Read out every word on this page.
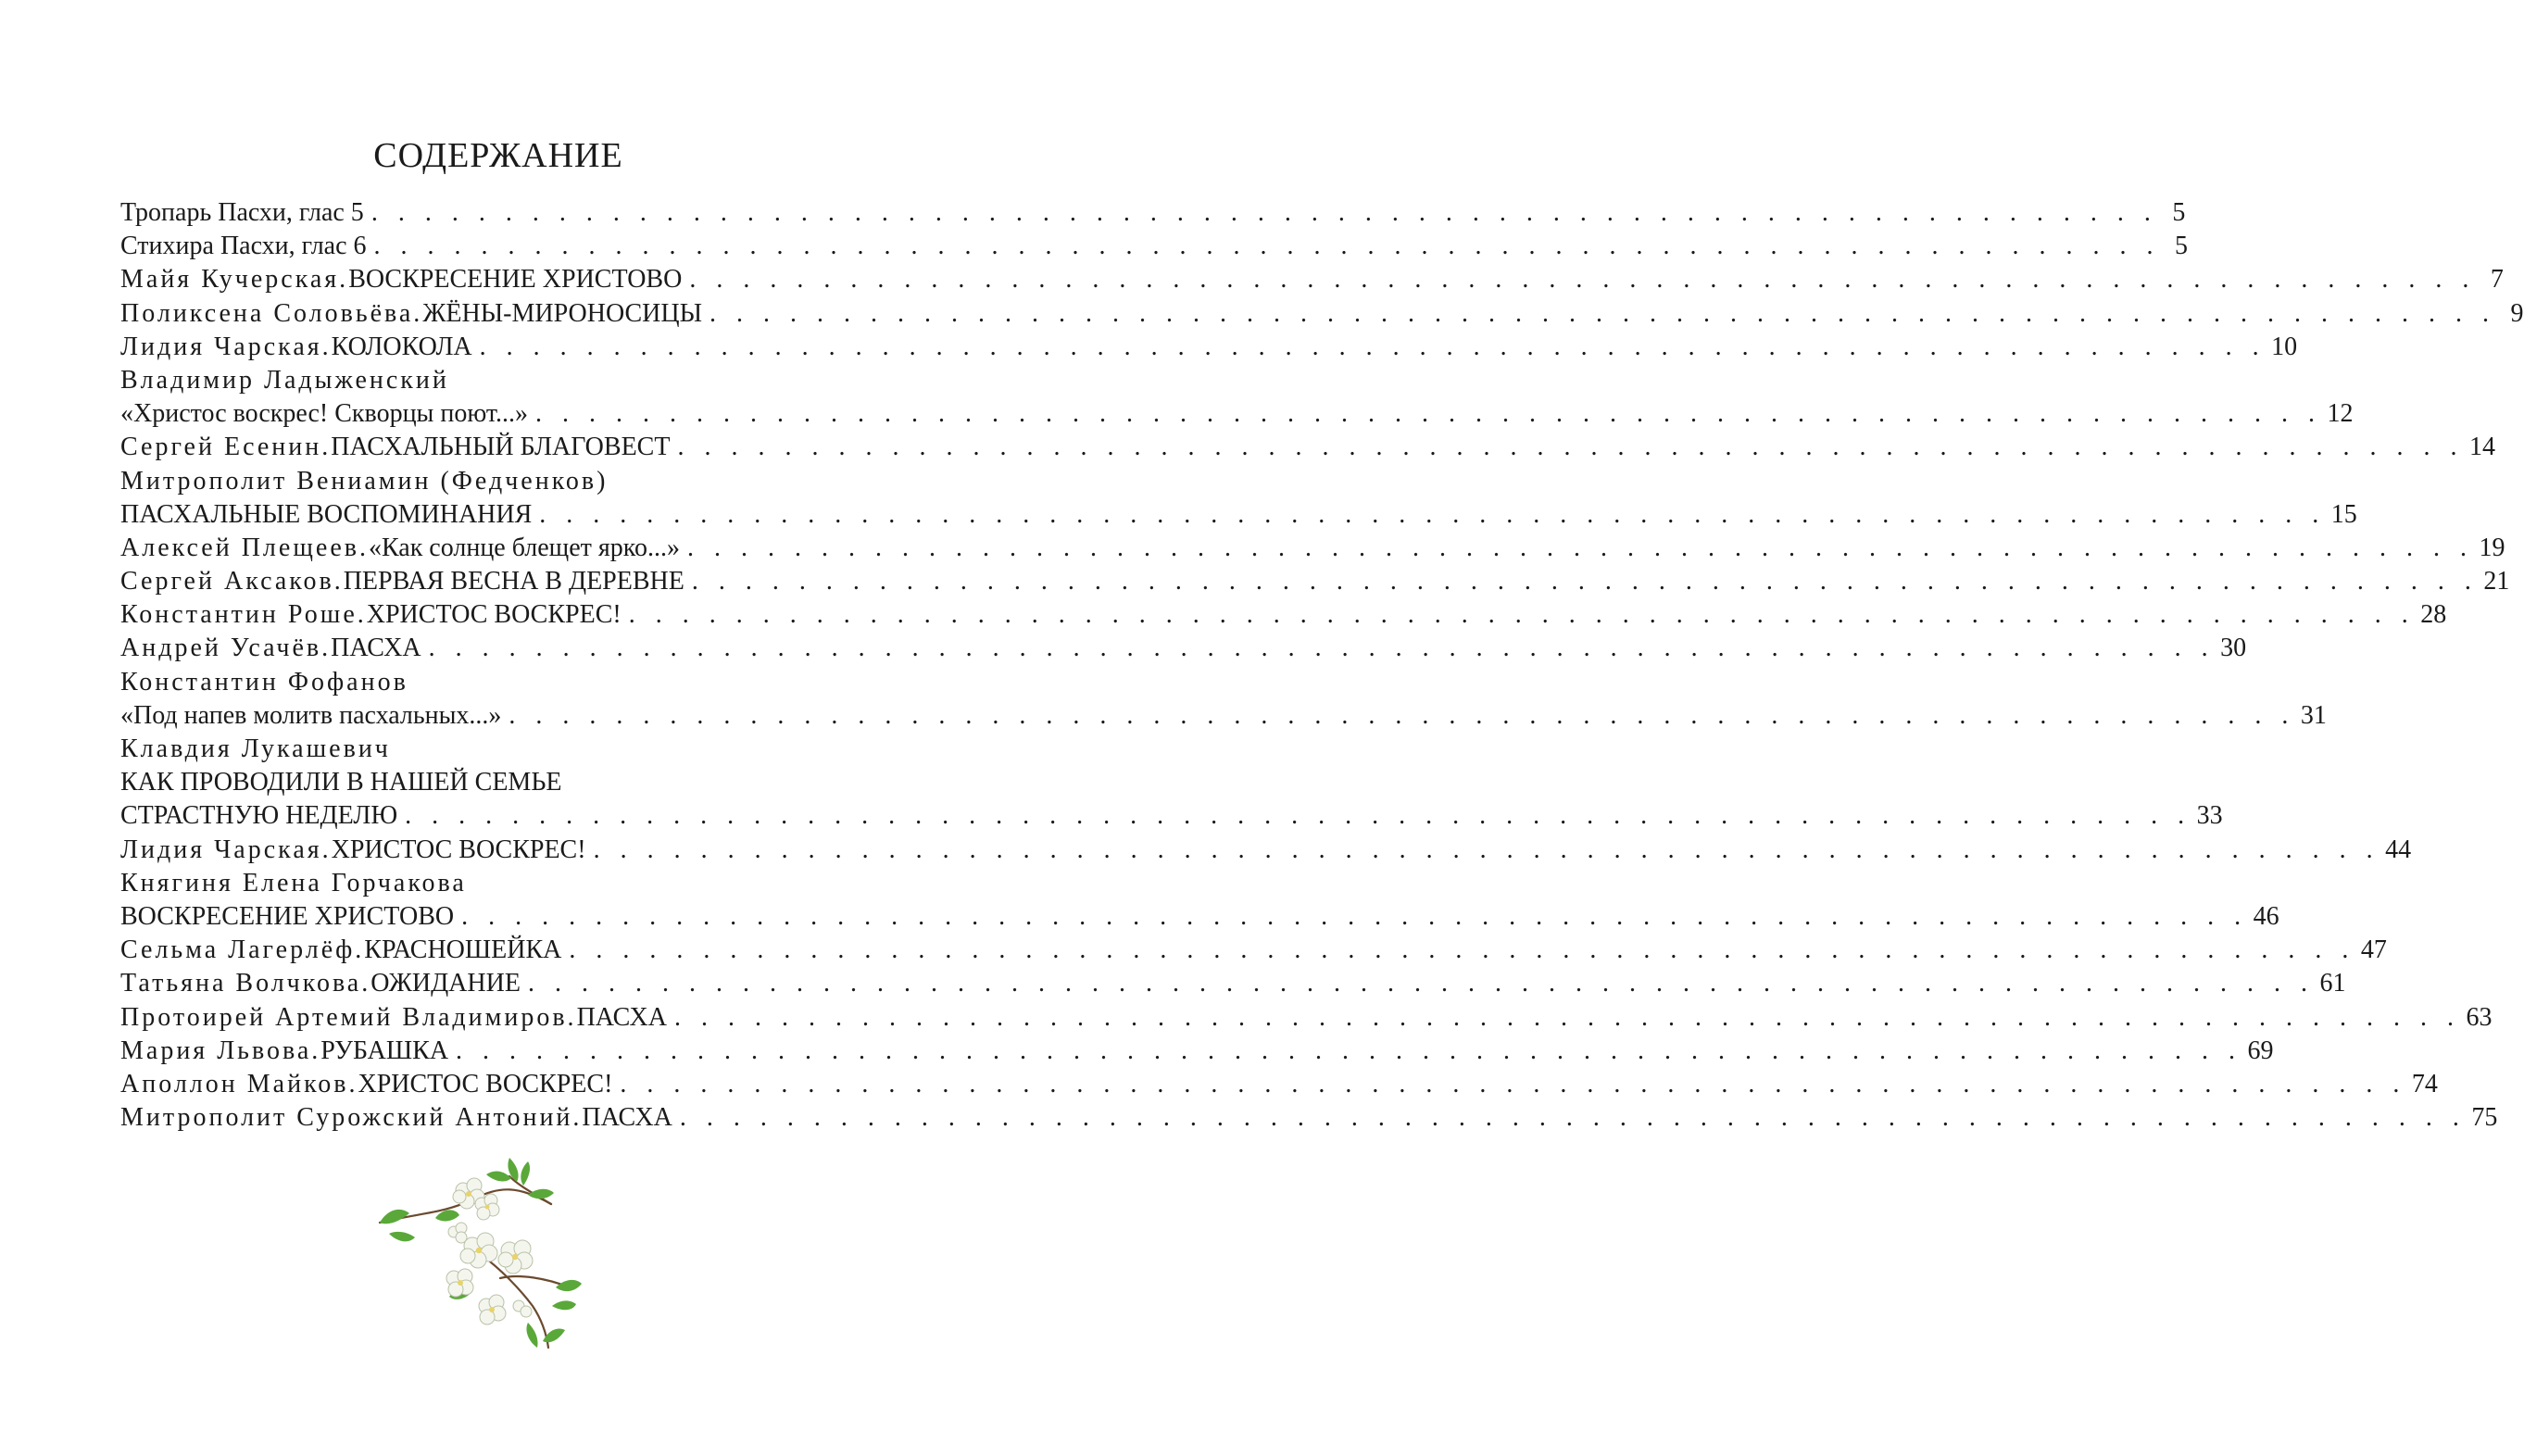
СОДЕРЖАНИЕ
Тропарь Пасхи, глас 5 . . . . . . . . . . . . . . . . . . . . . . . . . . . . . . . . . . . . . . . . . . . . . . . . . . . . . . . . . . . . . . . . . . . 5
Стихира Пасхи, глас 6 . . . . . . . . . . . . . . . . . . . . . . . . . . . . . . . . . . . . . . . . . . . . . . . . . . . . . . . . . . . . . . . . . . . 5
Майя Кучерская. ВОСКРЕСЕНИЕ ХРИСТОВО . . . . . . . . . . . . . . . . . . . . . . . . . . . . . . . . . . . . . . . . . . . . . . . . . . . . . . . . . . . . . . . . . . . 7
Поликсена Соловьёва. ЖЁНЫ-МИРОНОСИЦЫ . . . . . . . . . . . . . . . . . . . . . . . . . . . . . . . . . . . . . . . . . . . . . . . . . . . . . . . . . . . . . . . . . . . 9
Лидия Чарская. КОЛОКОЛА . . . . . . . . . . . . . . . . . . . . . . . . . . . . . . . . . . . . . . . . . . . . . . . . . . . . . . . . . . . . . . . . . . . 10
Владимир Ладыженский
«Христос воскрес! Скворцы поют...» . . . . . . . . . . . . . . . . . . . . . . . . . . . . . . . . . . . . . . . . . . . . . . . . . . . . . . . . . . . . . . . . . . . 12
Сергей Есенин. ПАСХАЛЬНЫЙ БЛАГОВЕСТ . . . . . . . . . . . . . . . . . . . . . . . . . . . . . . . . . . . . . . . . . . . . . . . . . . . . . . . . . . . . . . . . . . . 14
Митрополит Вениамин (Федченков)
ПАСХАЛЬНЫЕ ВОСПОМИНАНИЯ . . . . . . . . . . . . . . . . . . . . . . . . . . . . . . . . . . . . . . . . . . . . . . . . . . . . . . . . . . . . . . . . . . . 15
Алексей Плещеев. «Как солнце блещет ярко...» . . . . . . . . . . . . . . . . . . . . . . . . . . . . . . . . . . . . . . . . . . . . . . . . . . . . . . . . . . . . . . . . . . . 19
Сергей Аксаков. ПЕРВАЯ ВЕСНА В ДЕРЕВНЕ . . . . . . . . . . . . . . . . . . . . . . . . . . . . . . . . . . . . . . . . . . . . . . . . . . . . . . . . . . . . . . . . . . . 21
Константин Роше. ХРИСТОС ВОСКРЕС! . . . . . . . . . . . . . . . . . . . . . . . . . . . . . . . . . . . . . . . . . . . . . . . . . . . . . . . . . . . . . . . . . . . 28
Андрей Усачёв. ПАСХА . . . . . . . . . . . . . . . . . . . . . . . . . . . . . . . . . . . . . . . . . . . . . . . . . . . . . . . . . . . . . . . . . . . 30
Константин Фофанов
«Под напев молитв пасхальных...» . . . . . . . . . . . . . . . . . . . . . . . . . . . . . . . . . . . . . . . . . . . . . . . . . . . . . . . . . . . . . . . . . . . 31
Клавдия Лукашевич
КАК ПРОВОДИЛИ В НАШЕЙ СЕМЬЕ
СТРАСТНУЮ НЕДЕЛЮ . . . . . . . . . . . . . . . . . . . . . . . . . . . . . . . . . . . . . . . . . . . . . . . . . . . . . . . . . . . . . . . . . . . 33
Лидия Чарская. ХРИСТОС ВОСКРЕС! . . . . . . . . . . . . . . . . . . . . . . . . . . . . . . . . . . . . . . . . . . . . . . . . . . . . . . . . . . . . . . . . . . . 44
Княгиня Елена Горчакова
ВОСКРЕСЕНИЕ ХРИСТОВО . . . . . . . . . . . . . . . . . . . . . . . . . . . . . . . . . . . . . . . . . . . . . . . . . . . . . . . . . . . . . . . . . . . 46
Сельма Лагерлёф. КРАСНОШЕЙКА . . . . . . . . . . . . . . . . . . . . . . . . . . . . . . . . . . . . . . . . . . . . . . . . . . . . . . . . . . . . . . . . . . . 47
Татьяна Волчкова. ОЖИДАНИЕ . . . . . . . . . . . . . . . . . . . . . . . . . . . . . . . . . . . . . . . . . . . . . . . . . . . . . . . . . . . . . . . . . . . 61
Протоирей Артемий Владимиров. ПАСХА . . . . . . . . . . . . . . . . . . . . . . . . . . . . . . . . . . . . . . . . . . . . . . . . . . . . . . . . . . . . . . . . . . . 63
Мария Львова. РУБАШКА . . . . . . . . . . . . . . . . . . . . . . . . . . . . . . . . . . . . . . . . . . . . . . . . . . . . . . . . . . . . . . . . . . . 69
Аполлон Майков. ХРИСТОС ВОСКРЕС! . . . . . . . . . . . . . . . . . . . . . . . . . . . . . . . . . . . . . . . . . . . . . . . . . . . . . . . . . . . . . . . . . . . 74
Митрополит Сурожский Антоний. ПАСХА . . . . . . . . . . . . . . . . . . . . . . . . . . . . . . . . . . . . . . . . . . . . . . . . . . . . . . . . . . . . . . . . . . . 75
